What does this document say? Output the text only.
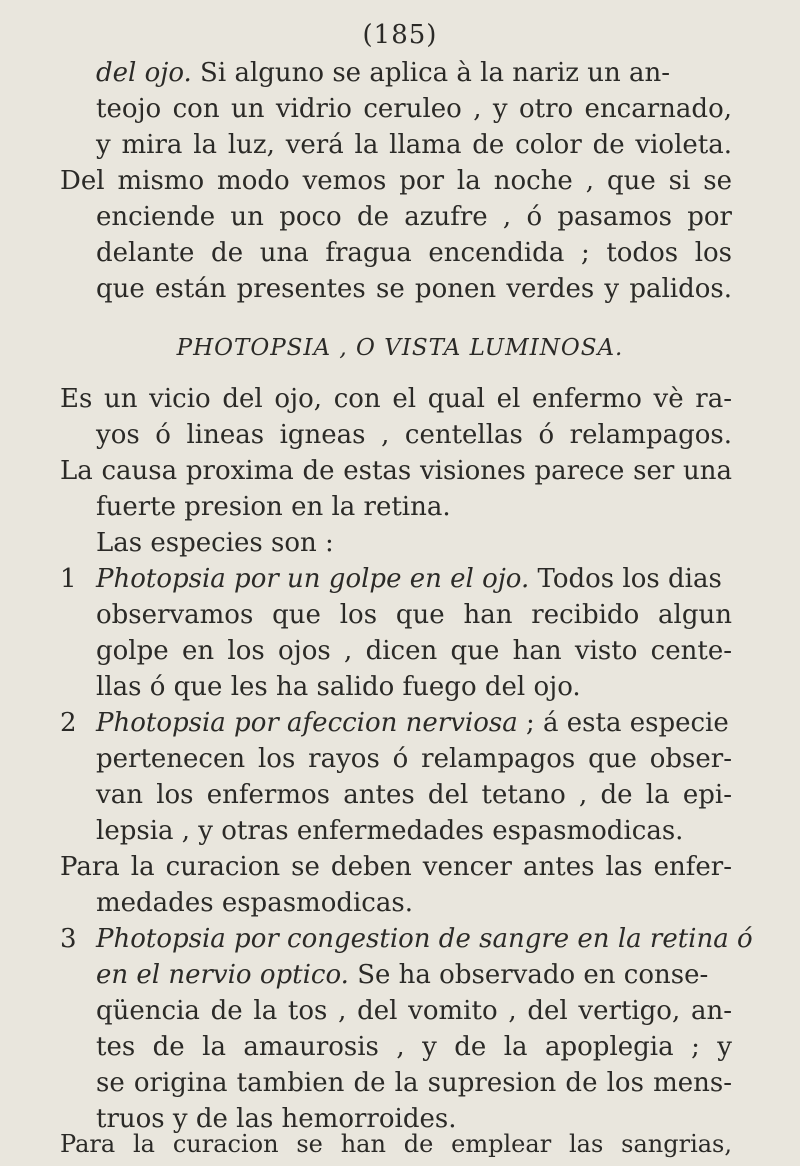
(185)
del ojo. Si alguno se aplica à la nariz un an-
teojo con un vidrio ceruleo , y otro encarnado,
y mira la luz, verá la llama de color de violeta.
Del mismo modo vemos por la noche , que si se
enciende un poco de azufre , ó pasamos por
delante de una fragua encendida ; todos los
que están presentes se ponen verdes y palidos.
PHOTOPSIA , O VISTA LUMINOSA.
Es un vicio del ojo, con el qual el enfermo vè ra-
yos ó lineas igneas , centellas ó relampagos.
La causa proxima de estas visiones parece ser una
fuerte presion en la retina.
Las especies son :
1 Photopsia por un golpe en el ojo. Todos los dias
observamos que los que han recibido algun
golpe en los ojos , dicen que han visto cente-
llas ó que les ha salido fuego del ojo.
2 Photopsia por afeccion nerviosa ; á esta especie
pertenecen los rayos ó relampagos que obser-
van los enfermos antes del tetano , de la epi-
lepsia , y otras enfermedades espasmodicas.
Para la curacion se deben vencer antes las enfer-
medades espasmodicas.
3 Photopsia por congestion de sangre en la retina ó
en el nervio optico. Se ha observado en conse-
qüencia de la tos , del vomito , del vertigo, an-
tes de la amaurosis , y de la apoplegia ; y
se origina tambien de la supresion de los mens-
truos y de las hemorroides.
Para la curacion se han de emplear las sangrias,
